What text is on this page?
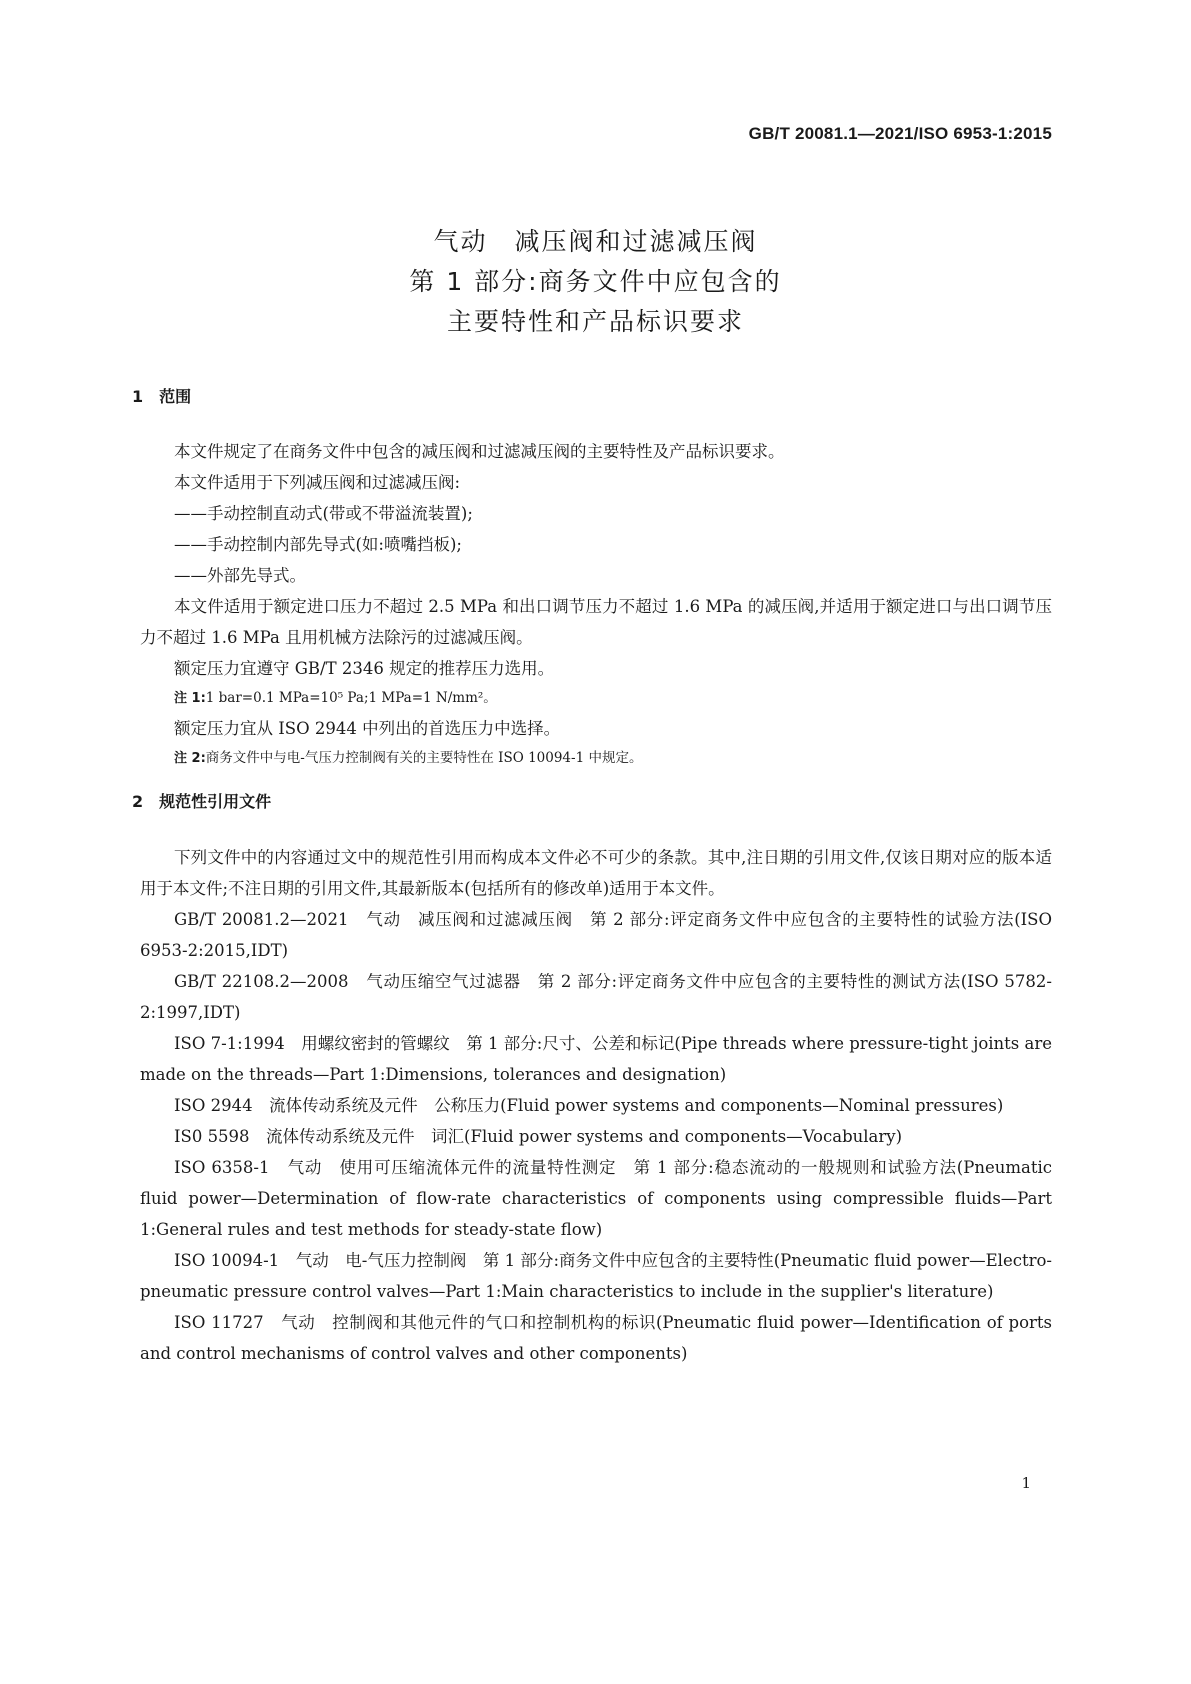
GB/T 20081.1—2021/ISO 6953-1:2015
气动　减压阀和过滤减压阀
第 1 部分:商务文件中应包含的
主要特性和产品标识要求
1　范围

本文件规定了在商务文件中包含的减压阀和过滤减压阀的主要特性及产品标识要求。

本文件适用于下列减压阀和过滤减压阀:

——手动控制直动式(带或不带溢流装置);

——手动控制内部先导式(如:喷嘴挡板);

——外部先导式。

本文件适用于额定进口压力不超过 2.5 MPa 和出口调节压力不超过 1.6 MPa 的减压阀,并适用于额定进口与出口调节压力不超过 1.6 MPa 且用机械方法除污的过滤减压阀。

额定压力宜遵守 GB/T 2346 规定的推荐压力选用。

注 1:1 bar=0.1 MPa=10⁵ Pa;1 MPa=1 N/mm²。

额定压力宜从 ISO 2944 中列出的首选压力中选择。

注 2:商务文件中与电-气压力控制阀有关的主要特性在 ISO 10094-1 中规定。

2　规范性引用文件

下列文件中的内容通过文中的规范性引用而构成本文件必不可少的条款。其中,注日期的引用文件,仅该日期对应的版本适用于本文件;不注日期的引用文件,其最新版本(包括所有的修改单)适用于本文件。

GB/T 20081.2—2021　气动　减压阀和过滤减压阀　第 2 部分:评定商务文件中应包含的主要特性的试验方法(ISO 6953-2:2015,IDT)

GB/T 22108.2—2008　气动压缩空气过滤器　第 2 部分:评定商务文件中应包含的主要特性的测试方法(ISO 5782-2:1997,IDT)

ISO 7-1:1994　用螺纹密封的管螺纹　第 1 部分:尺寸、公差和标记(Pipe threads where pressure-tight joints are made on the threads—Part 1:Dimensions, tolerances and designation)

ISO 2944　流体传动系统及元件　公称压力(Fluid power systems and components—Nominal pressures)

IS0 5598　流体传动系统及元件　词汇(Fluid power systems and components—Vocabulary)

ISO 6358-1　气动　使用可压缩流体元件的流量特性测定　第 1 部分:稳态流动的一般规则和试验方法(Pneumatic fluid power—Determination of flow-rate characteristics of components using compressible fluids—Part 1:General rules and test methods for steady-state flow)

ISO 10094-1　气动　电-气压力控制阀　第 1 部分:商务文件中应包含的主要特性(Pneumatic fluid power—Electro-pneumatic pressure control valves—Part 1:Main characteristics to include in the supplier's literature)

ISO 11727　气动　控制阀和其他元件的气口和控制机构的标识(Pneumatic fluid power—Identification of ports and control mechanisms of control valves and other components)

1
